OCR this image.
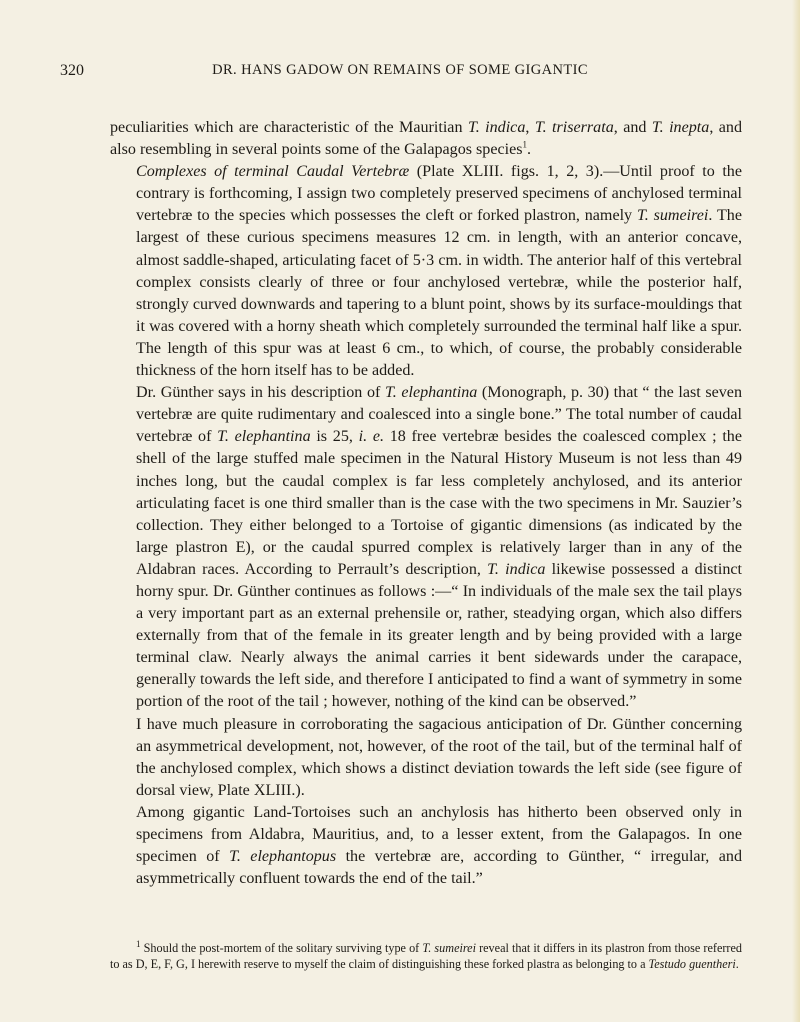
320	DR. HANS GADOW ON REMAINS OF SOME GIGANTIC

peculiarities which are characteristic of the Mauritian T. indica, T. triserrata, and T. inepta, and also resembling in several points some of the Galapagos species$^1$.

Complexes of terminal Caudal Vertebræ (Plate XLIII. figs. 1, 2, 3).—Until proof to the contrary is forthcoming, I assign two completely preserved specimens of anchylosed terminal vertebræ to the species which possesses the cleft or forked plastron, namely T. sumeirei. The largest of these curious specimens measures 12 cm. in length, with an anterior concave, almost saddle-shaped, articulating facet of 5·3 cm. in width. The anterior half of this vertebral complex consists clearly of three or four anchylosed vertebræ, while the posterior half, strongly curved downwards and tapering to a blunt point, shows by its surface-mouldings that it was covered with a horny sheath which completely surrounded the terminal half like a spur. The length of this spur was at least 6 cm., to which, of course, the probably considerable thickness of the horn itself has to be added.

Dr. Günther says in his description of T. elephantina (Monograph, p. 30) that “ the last seven vertebræ are quite rudimentary and coalesced into a single bone.” The total number of caudal vertebræ of T. elephantina is 25, i. e. 18 free vertebræ besides the coalesced complex ; the shell of the large stuffed male specimen in the Natural History Museum is not less than 49 inches long, but the caudal complex is far less completely anchylosed, and its anterior articulating facet is one third smaller than is the case with the two specimens in Mr. Sauzier’s collection. They either belonged to a Tortoise of gigantic dimensions (as indicated by the large plastron E), or the caudal spurred complex is relatively larger than in any of the Aldabran races. According to Perrault’s description, T. indica likewise possessed a distinct horny spur. Dr. Günther continues as follows :—“ In individuals of the male sex the tail plays a very important part as an external prehensile or, rather, steadying organ, which also differs externally from that of the female in its greater length and by being provided with a large terminal claw. Nearly always the animal carries it bent sidewards under the carapace, generally towards the left side, and therefore I anticipated to find a want of symmetry in some portion of the root of the tail ; however, nothing of the kind can be observed.”

I have much pleasure in corroborating the sagacious anticipation of Dr. Günther concerning an asymmetrical development, not, however, of the root of the tail, but of the terminal half of the anchylosed complex, which shows a distinct deviation towards the left side (see figure of dorsal view, Plate XLIII.).

Among gigantic Land-Tortoises such an anchylosis has hitherto been observed only in specimens from Aldabra, Mauritius, and, to a lesser extent, from the Galapagos. In one specimen of T. elephantopus the vertebræ are, according to Günther, “ irregular, and asymmetrically confluent towards the end of the tail.”

$^1$ Should the post-mortem of the solitary surviving type of T. sumeirei reveal that it differs in its plastron from those referred to as D, E, F, G, I herewith reserve to myself the claim of distinguishing these forked plastra as belonging to a Testudo guentheri.
